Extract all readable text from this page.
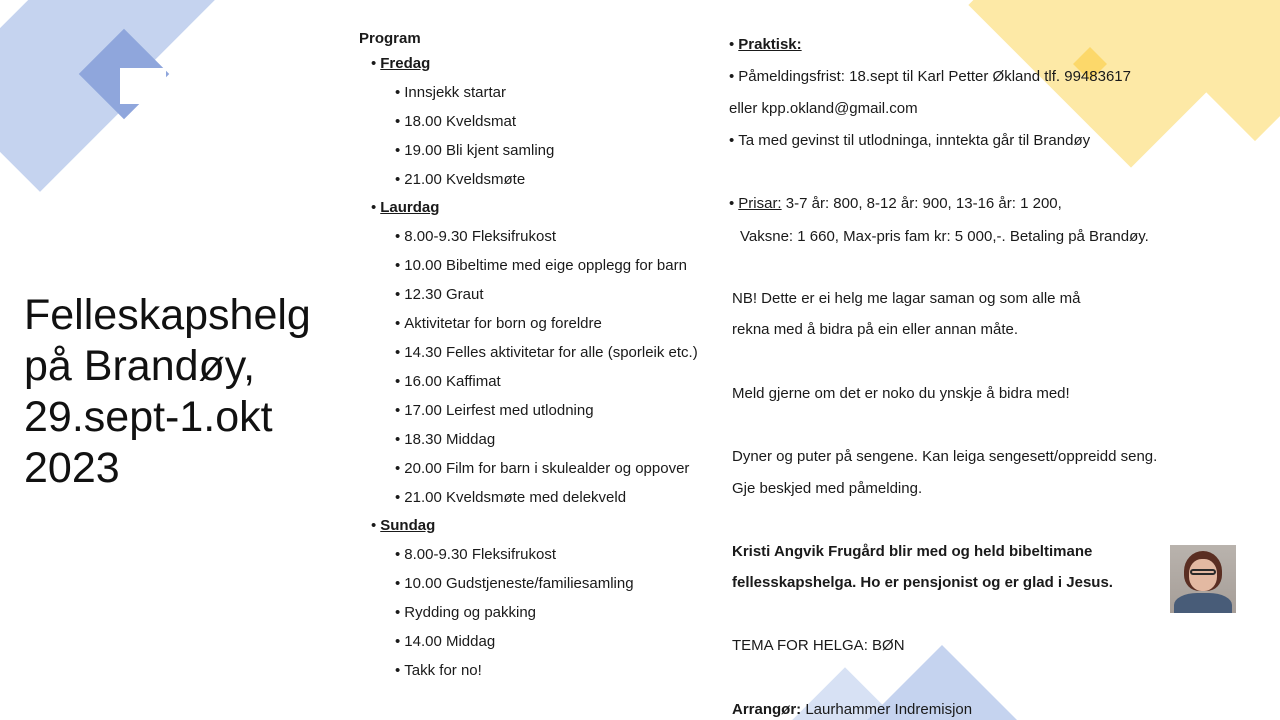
Felleskapshelg
på Brandøy,
29.sept-1.okt
2023
Program
• Fredag
• Innsjekk startar
• 18.00 Kveldsmat
• 19.00 Bli kjent samling
• 21.00 Kveldsmøte
• Laurdag
• 8.00-9.30 Fleksifrukost
• 10.00 Bibeltime med eige opplegg for barn
• 12.30 Graut
• Aktivitetar for born og foreldre
• 14.30 Felles aktivitetar for alle (sporleik etc.)
• 16.00 Kaffimat
• 17.00 Leirfest med utlodning
• 18.30 Middag
• 20.00 Film for barn i skulealder og oppover
• 21.00 Kveldsmøte med delekveld
• Sundag
• 8.00-9.30 Fleksifrukost
• 10.00 Gudstjeneste/familiesamling
• Rydding og pakking
• 14.00 Middag
• Takk for no!
• Praktisk:
• Påmeldingsfrist: 18.sept til Karl Petter Økland tlf. 99483617
eller kpp.okland@gmail.com
• Ta med gevinst til utlodninga, inntekta går til Brandøy
• Prisar: 3-7 år: 800, 8-12 år: 900, 13-16 år: 1 200,
Vaksne: 1 660, Max-pris fam kr: 5 000,-. Betaling på Brandøy.
NB! Dette er ei helg me lagar saman og som alle må
rekna med å bidra på ein eller annan måte.
Meld gjerne om det er noko du ynskje å bidra med!
Dyner og puter på sengene. Kan leiga sengesett/oppreidd seng.
Gje beskjed med påmelding.
Kristi Angvik Frugård blir med og held bibeltimane
fellesskapshelga. Ho er pensjonist og er glad i Jesus.
TEMA FOR HELGA: BØN
Arrangør: Laurhammer Indremisjon
